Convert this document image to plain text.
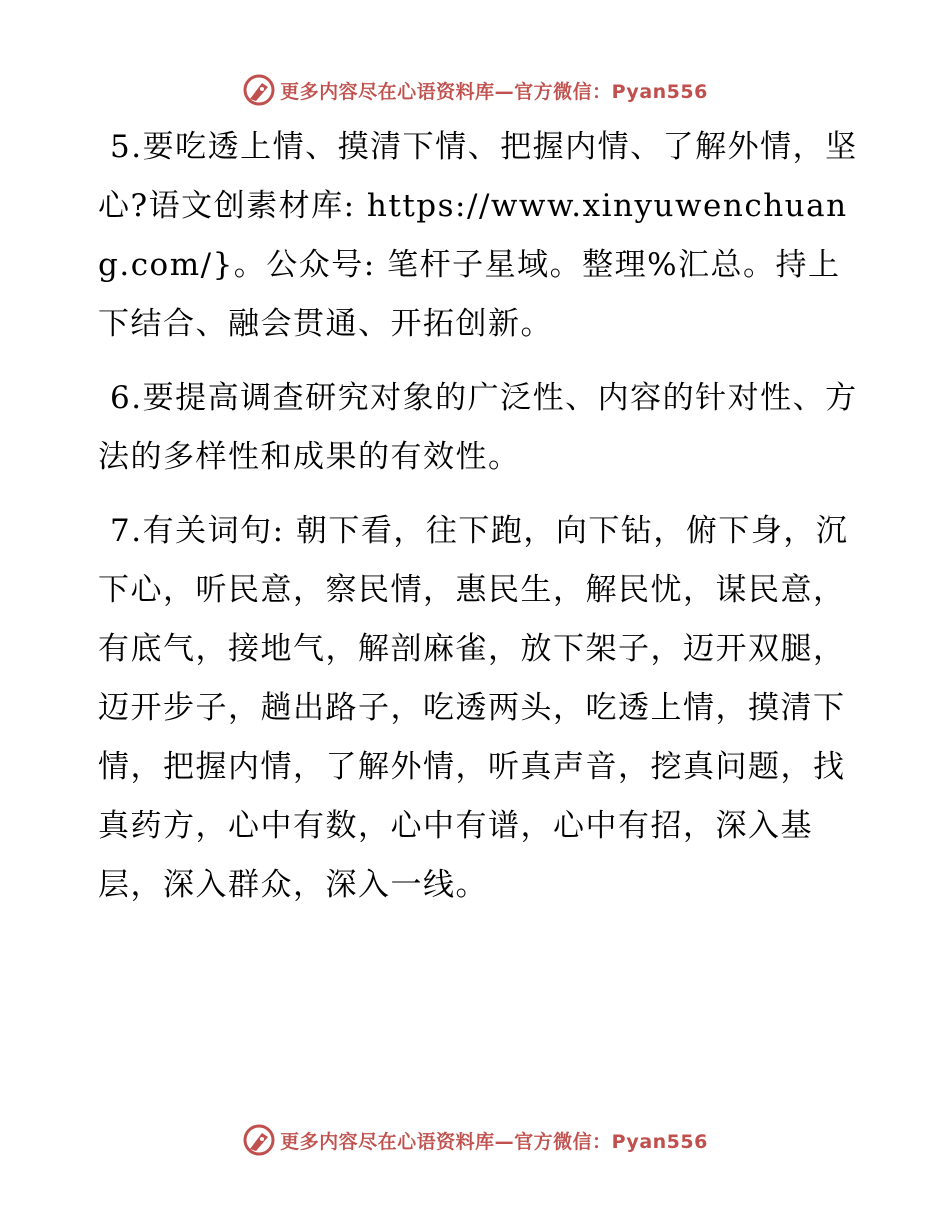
更多内容尽在心语资料库—官方微信：Pyan556

5.要吃透上情、摸清下情、把握内情、了解外情，坚心?语文创素材库: https://www.xinyuwenchuang.com/}。公众号: 笔杆子星域。整理%汇总。持上下结合、融会贯通、开拓创新。

6.要提高调查研究对象的广泛性、内容的针对性、方法的多样性和成果的有效性。

7.有关词句: 朝下看，往下跑，向下钻，俯下身，沉下心，听民意，察民情，惠民生，解民忧，谋民意，有底气，接地气，解剖麻雀，放下架子，迈开双腿，迈开步子，趟出路子，吃透两头，吃透上情，摸清下情，把握内情，了解外情，听真声音，挖真问题，找真药方，心中有数，心中有谱，心中有招，深入基层，深入群众，深入一线。

更多内容尽在心语资料库—官方微信：Pyan556
